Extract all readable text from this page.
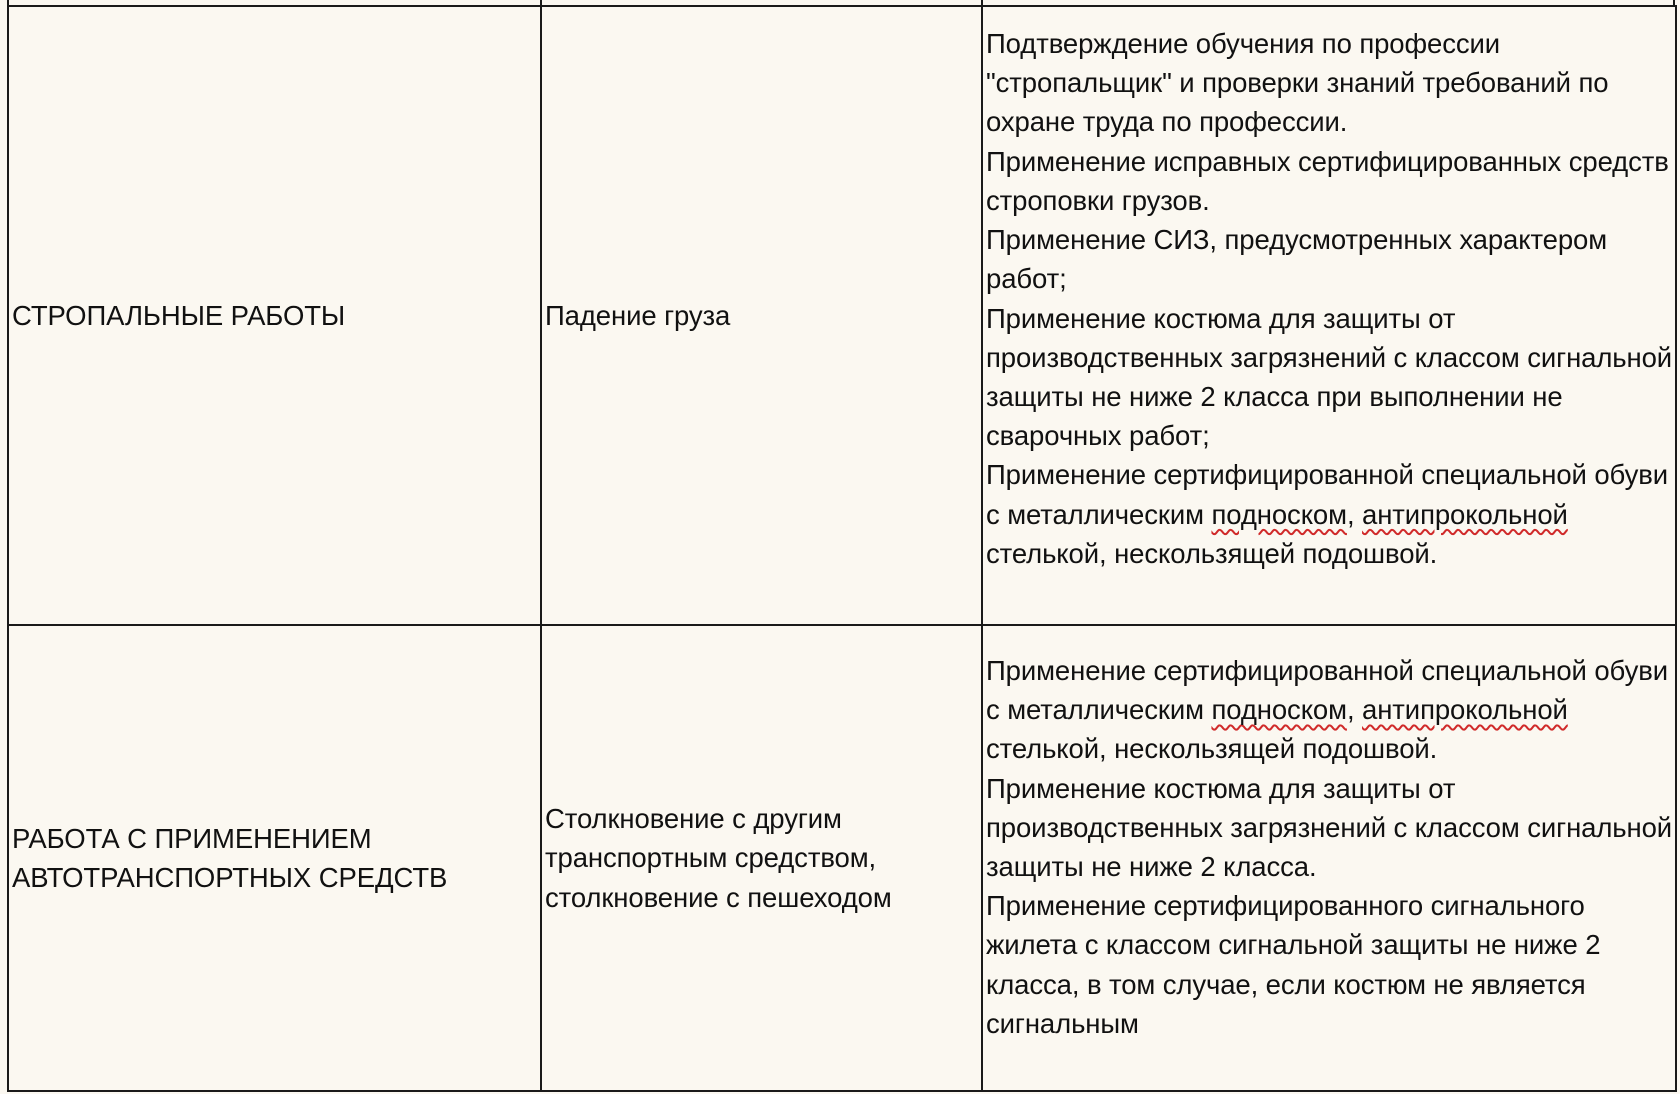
СТРОПАЛЬНЫЕ РАБОТЫ	Падение груза	Подтверждение обучения по профессии "стропальщик" и проверки знаний требований по охране труда по профессии.
Применение исправных сертифицированных средств строповки грузов.
Применение СИЗ, предусмотренных характером работ;
Применение костюма для защиты от производственных загрязнений с классом сигнальной защиты не ниже 2 класса при выполнении не сварочных работ;
Применение сертифицированной специальной обуви с металлическим подноском, антипрокольной стелькой, нескользящей подошвой.

РАБОТА С ПРИМЕНЕНИЕМ АВТОТРАНСПОРТНЫХ СРЕДСТВ	Столкновение с другим транспортным средством, столкновение с пешеходом	Применение сертифицированной специальной обуви с металлическим подноском, антипрокольной стелькой, нескользящей подошвой.
Применение костюма для защиты от производственных загрязнений с классом сигнальной защиты не ниже 2 класса.
Применение сертифицированного сигнального жилета с классом сигнальной защиты не ниже 2 класса, в том случае, если костюм не является сигнальным
